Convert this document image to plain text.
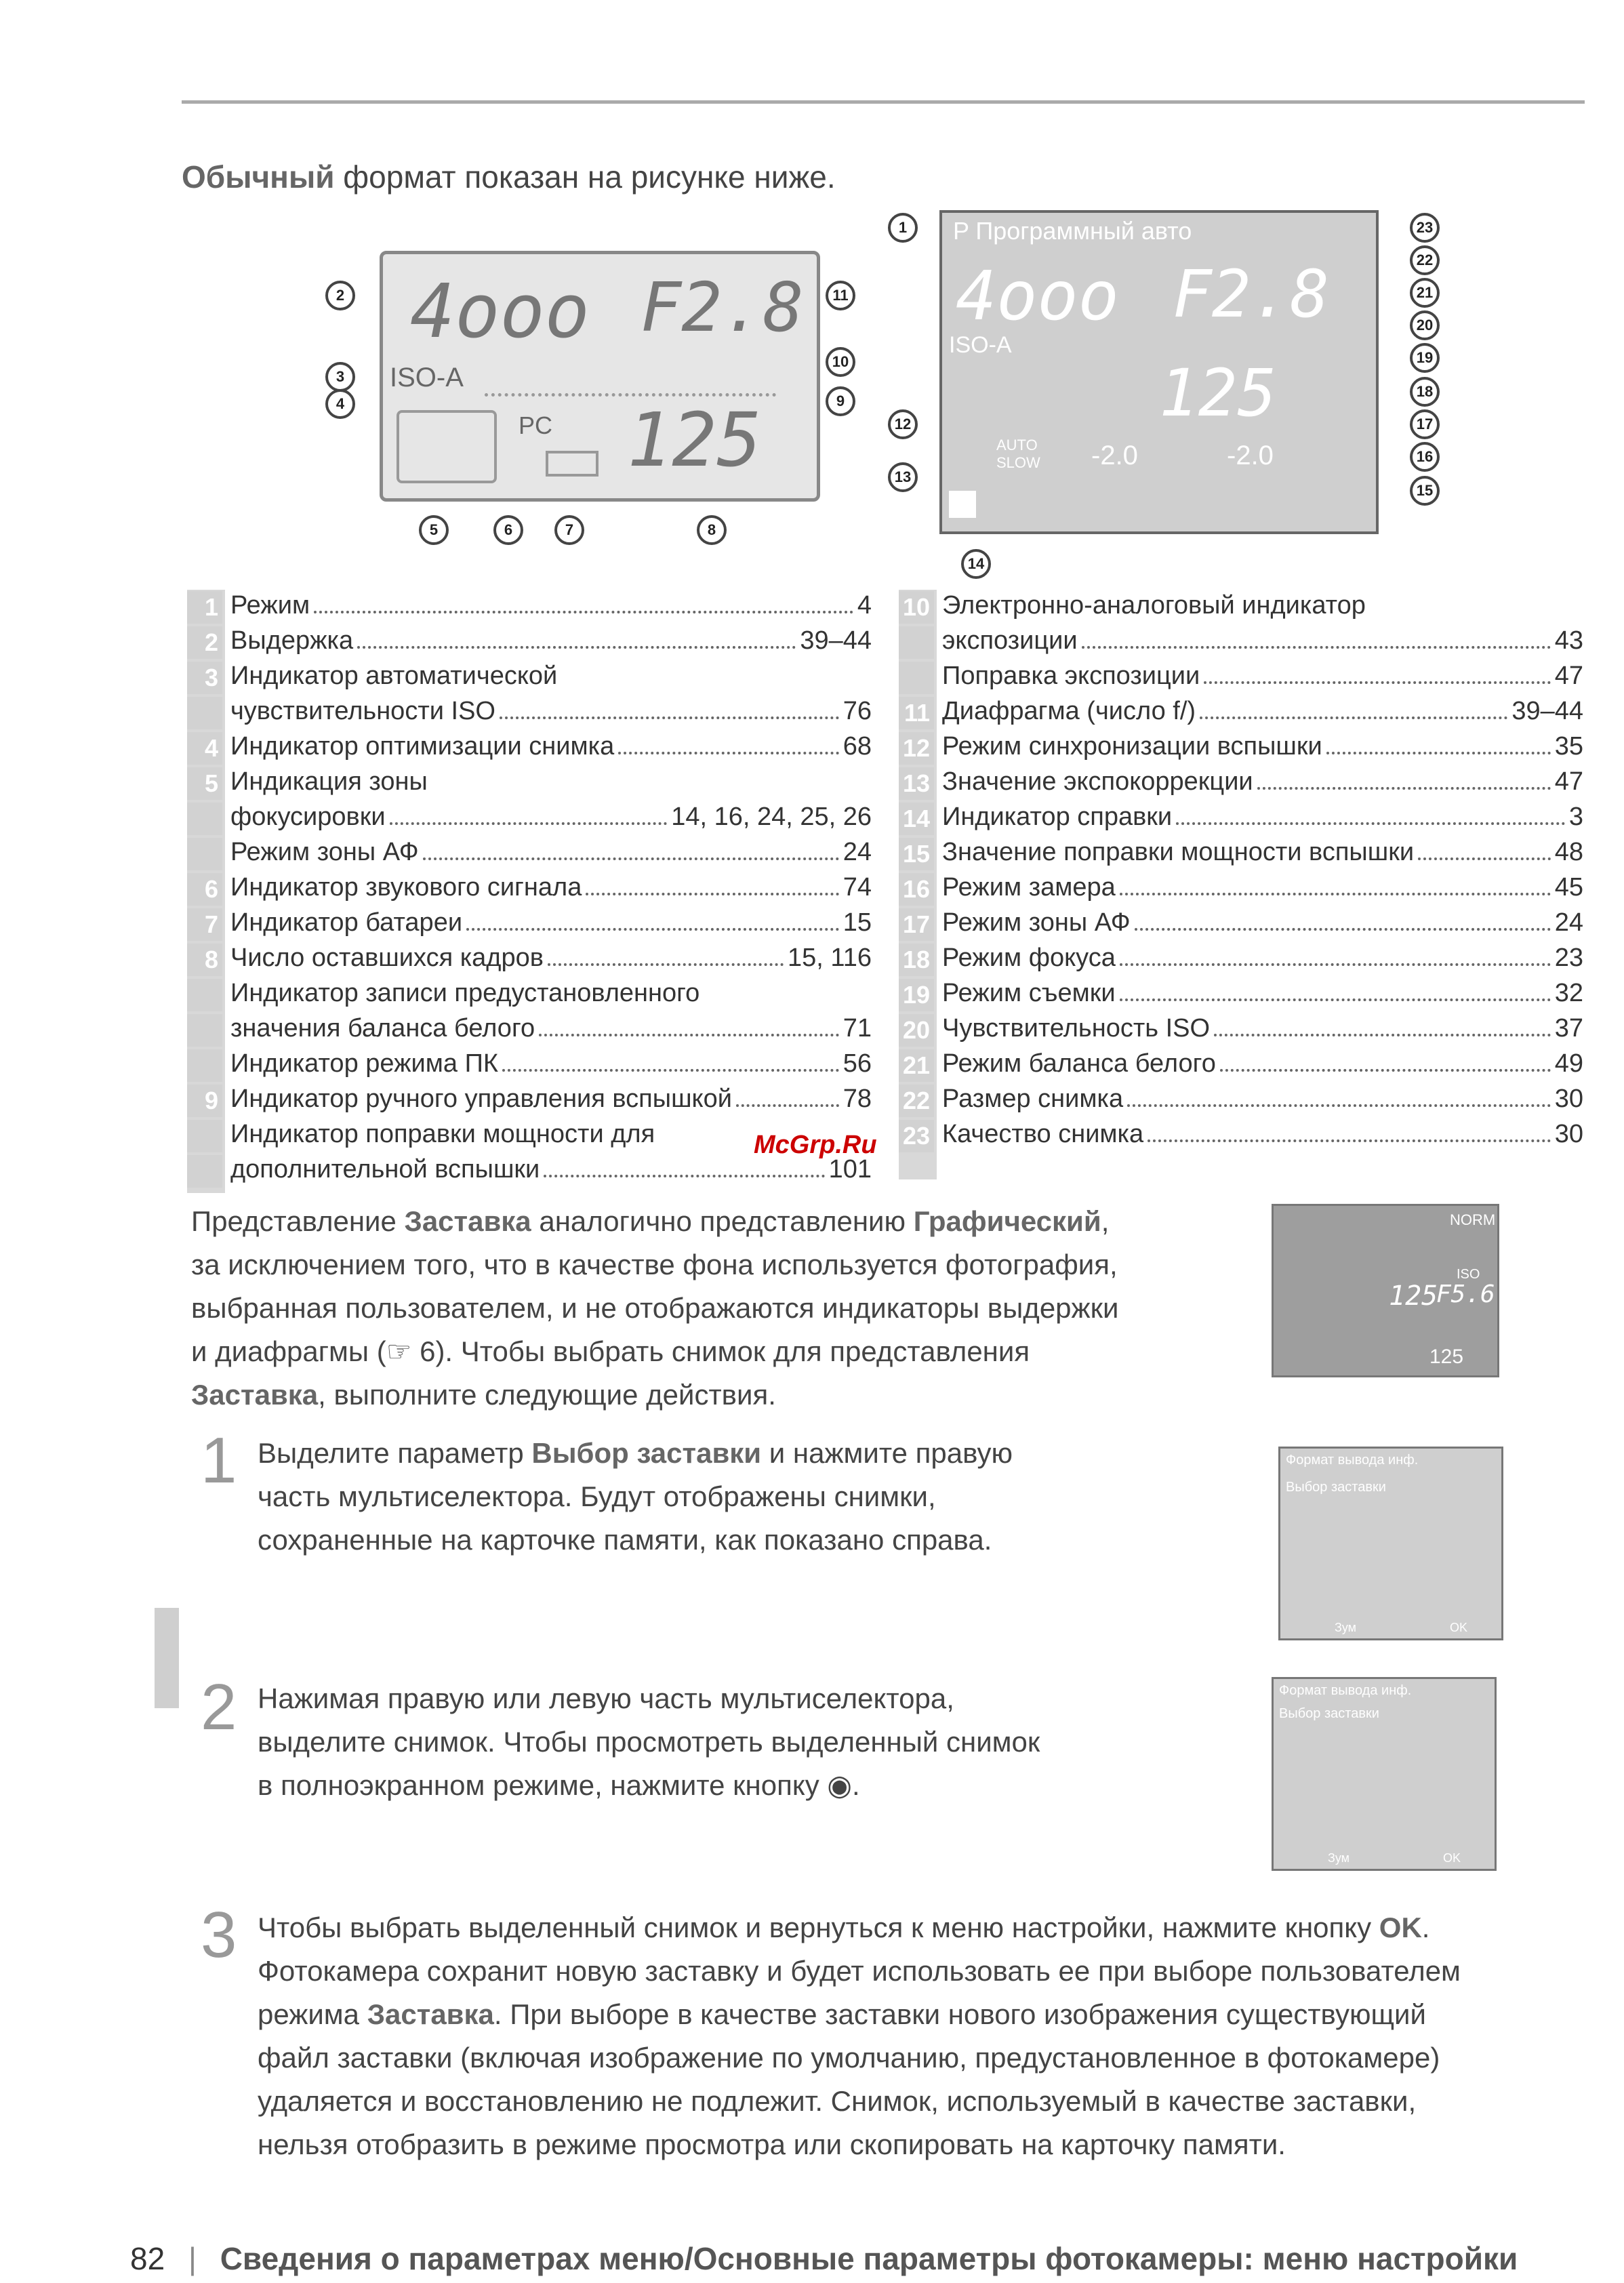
Обычный формат показан на рисунке ниже.
4ooo F2.8
ISO-A
PC 125
2
3
4
11
10
9
5	6	7	8
P Программный авто
4ooo F2.8
ISO-A
125
AUTO SLOW	-2.0	-2.0
1
12
13
14
23
22
21
20
19
18
17
16
15
1 Режим	4
2 Выдержка	39–44
3 Индикатор автоматической
чувствительности ISO	76
4 Индикатор оптимизации снимка	68
5 Индикация зоны
фокусировки	14, 16, 24, 25, 26
Режим зоны АФ	24
6 Индикатор звукового сигнала	74
7 Индикатор батареи	15
8 Число оставшихся кадров	15, 116
Индикатор записи предустановленного
значения баланса белого	71
Индикатор режима ПК	56
9 Индикатор ручного управления вспышкой	78
Индикатор поправки мощности для
дополнительной вспышки	101
10 Электронно-аналоговый индикатор
экспозиции	43
Поправка экспозиции	47
11 Диафрагма (число f/)	39–44
12 Режим синхронизации вспышки	35
13 Значение экспокоррекции	47
14 Индикатор справки	3
15 Значение поправки мощности вспышки	48
16 Режим замера	45
17 Режим зоны АФ	24
18 Режим фокуса	23
19 Режим съемки	32
20 Чувствительность ISO	37
21 Режим баланса белого	49
22 Размер снимка	30
23 Качество снимка	30
McGrp.Ru
Представление Заставка аналогично представлению Графический,
за исключением того, что в качестве фона используется фотография,
выбранная пользователем, и не отображаются индикаторы выдержки
и диафрагмы (☞ 6). Чтобы выбрать снимок для представления
Заставка, выполните следующие действия.
NORM
ISO
125
F5.6
125
1 Выделите параметр Выбор заставки и нажмите правую
часть мультиселектора. Будут отображены снимки,
сохраненные на карточке памяти, как показано справа.
Формат вывода инф.
Выбор заставки
Зум	OK
2 Нажимая правую или левую часть мультиселектора,
выделите снимок. Чтобы просмотреть выделенный снимок
в полноэкранном режиме, нажмите кнопку ◉.
Формат вывода инф.
Выбор заставки
Зум	OK
3 Чтобы выбрать выделенный снимок и вернуться к меню настройки, нажмите кнопку OK.
Фотокамера сохранит новую заставку и будет использовать ее при выборе пользователем
режима Заставка. При выборе в качестве заставки нового изображения существующий
файл заставки (включая изображение по умолчанию, предустановленное в фотокамере)
удаляется и восстановлению не подлежит. Снимок, используемый в качестве заставки,
нельзя отобразить в режиме просмотра или скопировать на карточку памяти.
82 | Сведения о параметрах меню/Основные параметры фотокамеры: меню настройки
